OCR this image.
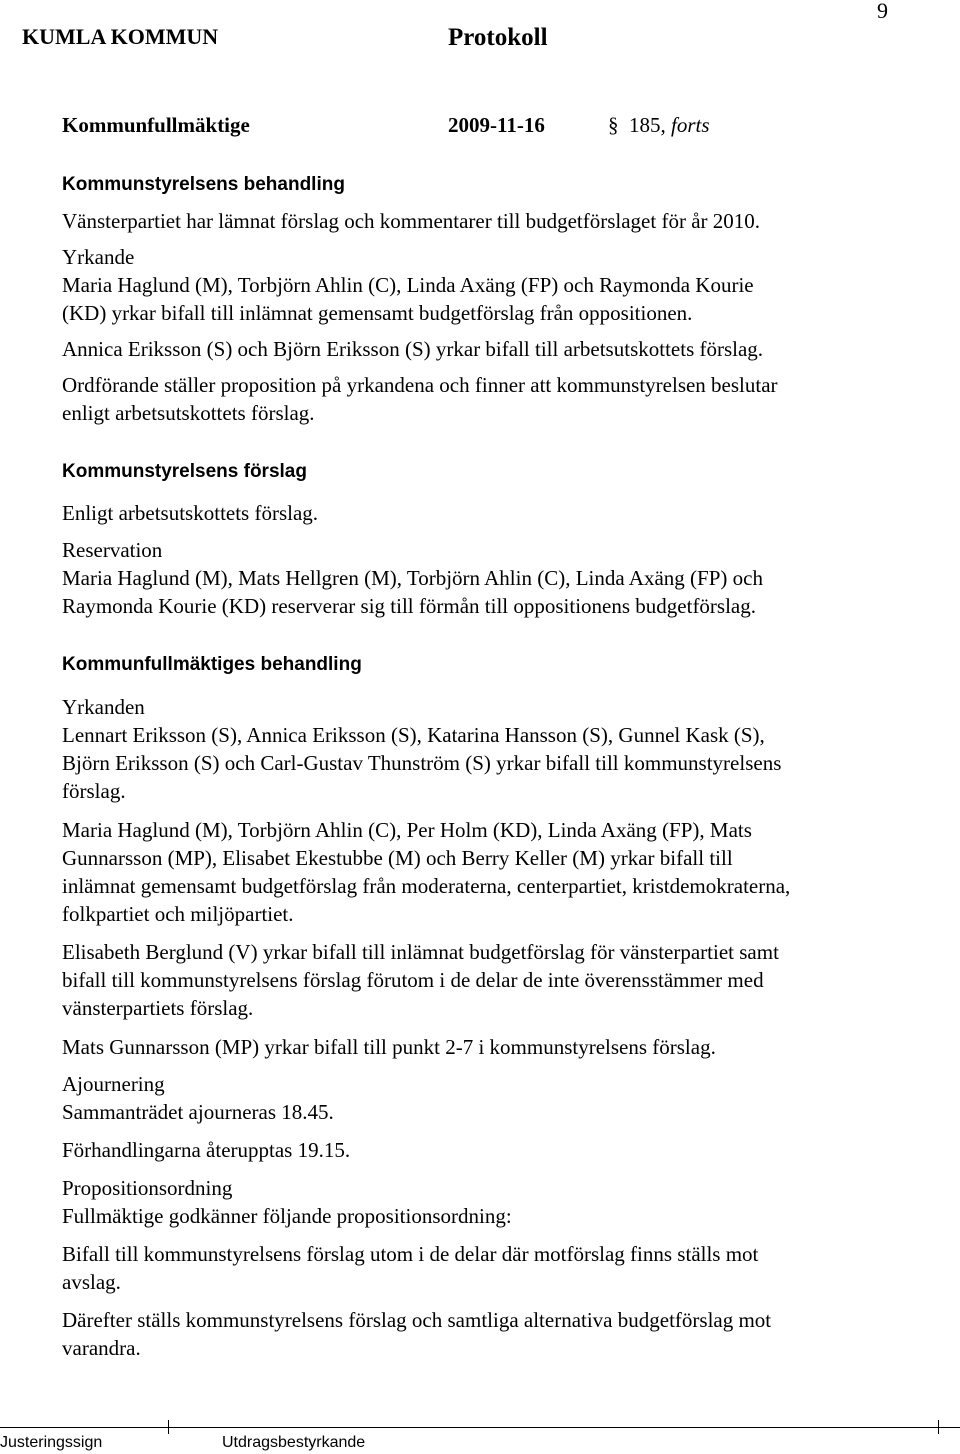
KUMLA KOMMUN	Protokoll
9
Kommunfullmäktige	2009-11-16	§ 185, forts
Kommunstyrelsens behandling
Vänsterpartiet har lämnat förslag och kommentarer till budgetförslaget för år 2010.
Yrkande
Maria Haglund (M), Torbjörn Ahlin (C), Linda Axäng (FP) och Raymonda Kourie
(KD) yrkar bifall till inlämnat gemensamt budgetförslag från oppositionen.
Annica Eriksson (S) och Björn Eriksson (S) yrkar bifall till arbetsutskottets förslag.
Ordförande ställer proposition på yrkandena och finner att kommunstyrelsen beslutar
enligt arbetsutskottets förslag.
Kommunstyrelsens förslag
Enligt arbetsutskottets förslag.
Reservation
Maria Haglund (M), Mats Hellgren (M), Torbjörn Ahlin (C), Linda Axäng (FP) och
Raymonda Kourie (KD) reserverar sig till förmån till oppositionens budgetförslag.
Kommunfullmäktiges behandling
Yrkanden
Lennart Eriksson (S), Annica Eriksson (S), Katarina Hansson (S), Gunnel Kask (S),
Björn Eriksson (S) och Carl-Gustav Thunström (S) yrkar bifall till kommunstyrelsens
förslag.
Maria Haglund (M), Torbjörn Ahlin (C), Per Holm (KD), Linda Axäng (FP), Mats
Gunnarsson (MP), Elisabet Ekestubbe (M) och Berry Keller (M) yrkar bifall till
inlämnat gemensamt budgetförslag från moderaterna, centerpartiet, kristdemokraterna,
folkpartiet och miljöpartiet.
Elisabeth Berglund (V) yrkar bifall till inlämnat budgetförslag för vänsterpartiet samt
bifall till kommunstyrelsens förslag förutom i de delar de inte överensstämmer med
vänsterpartiets förslag.
Mats Gunnarsson (MP) yrkar bifall till punkt 2-7 i kommunstyrelsens förslag.
Ajournering
Sammanträdet ajourneras 18.45.
Förhandlingarna återupptas 19.15.
Propositionsordning
Fullmäktige godkänner följande propositionsordning:
Bifall till kommunstyrelsens förslag utom i de delar där motförslag finns ställs mot
avslag.
Därefter ställs kommunstyrelsens förslag och samtliga alternativa budgetförslag mot
varandra.
Justeringssign	Utdragsbestyrkande
